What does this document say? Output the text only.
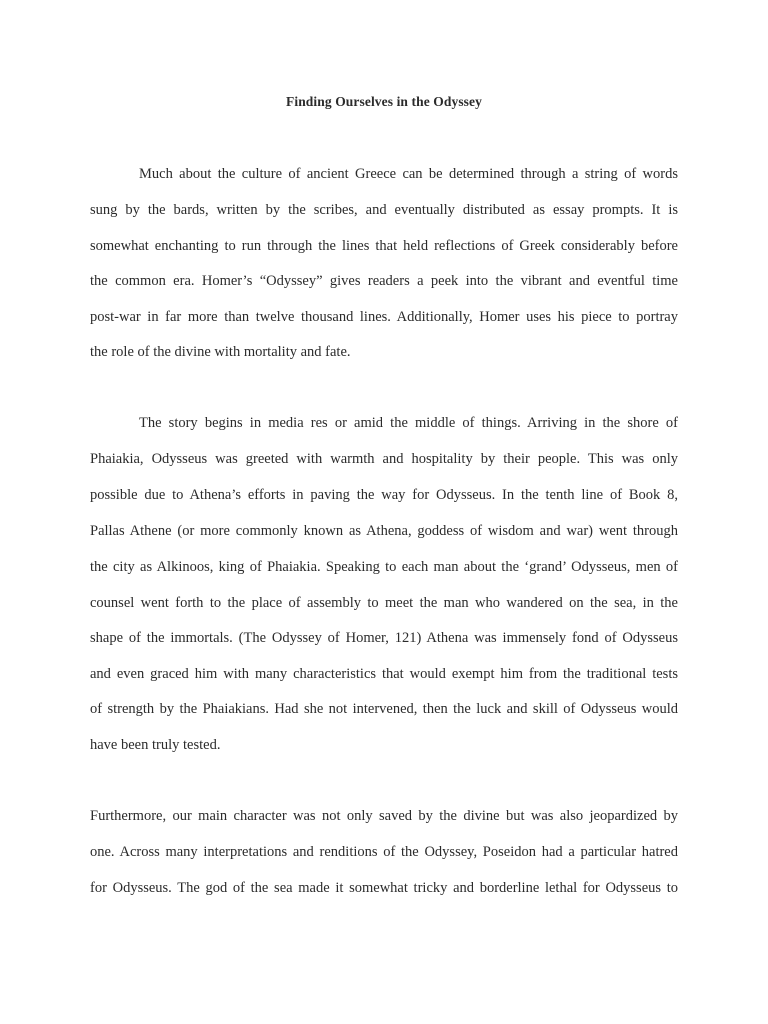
Finding Ourselves in the Odyssey
Much about the culture of ancient Greece can be determined through a string of words
sung by the bards, written by the scribes, and eventually distributed as essay prompts. It is
somewhat enchanting to run through the lines that held reflections of Greek considerably before
the common era. Homer’s “Odyssey” gives readers a peek into the vibrant and eventful time
post-war in far more than twelve thousand lines. Additionally, Homer uses his piece to portray
the role of the divine with mortality and fate.
The story begins in media res or amid the middle of things. Arriving in the shore of
Phaiakia, Odysseus was greeted with warmth and hospitality by their people. This was only
possible due to Athena’s efforts in paving the way for Odysseus. In the tenth line of Book 8,
Pallas Athene (or more commonly known as Athena, goddess of wisdom and war) went through
the city as Alkinoos, king of Phaiakia. Speaking to each man about the ‘grand’ Odysseus, men of
counsel went forth to the place of assembly to meet the man who wandered on the sea, in the
shape of the immortals. (The Odyssey of Homer, 121) Athena was immensely fond of Odysseus
and even graced him with many characteristics that would exempt him from the traditional tests
of strength by the Phaiakians. Had she not intervened, then the luck and skill of Odysseus would
have been truly tested.
Furthermore, our main character was not only saved by the divine but was also jeopardized by
one. Across many interpretations and renditions of the Odyssey, Poseidon had a particular hatred
for Odysseus. The god of the sea made it somewhat tricky and borderline lethal for Odysseus to
